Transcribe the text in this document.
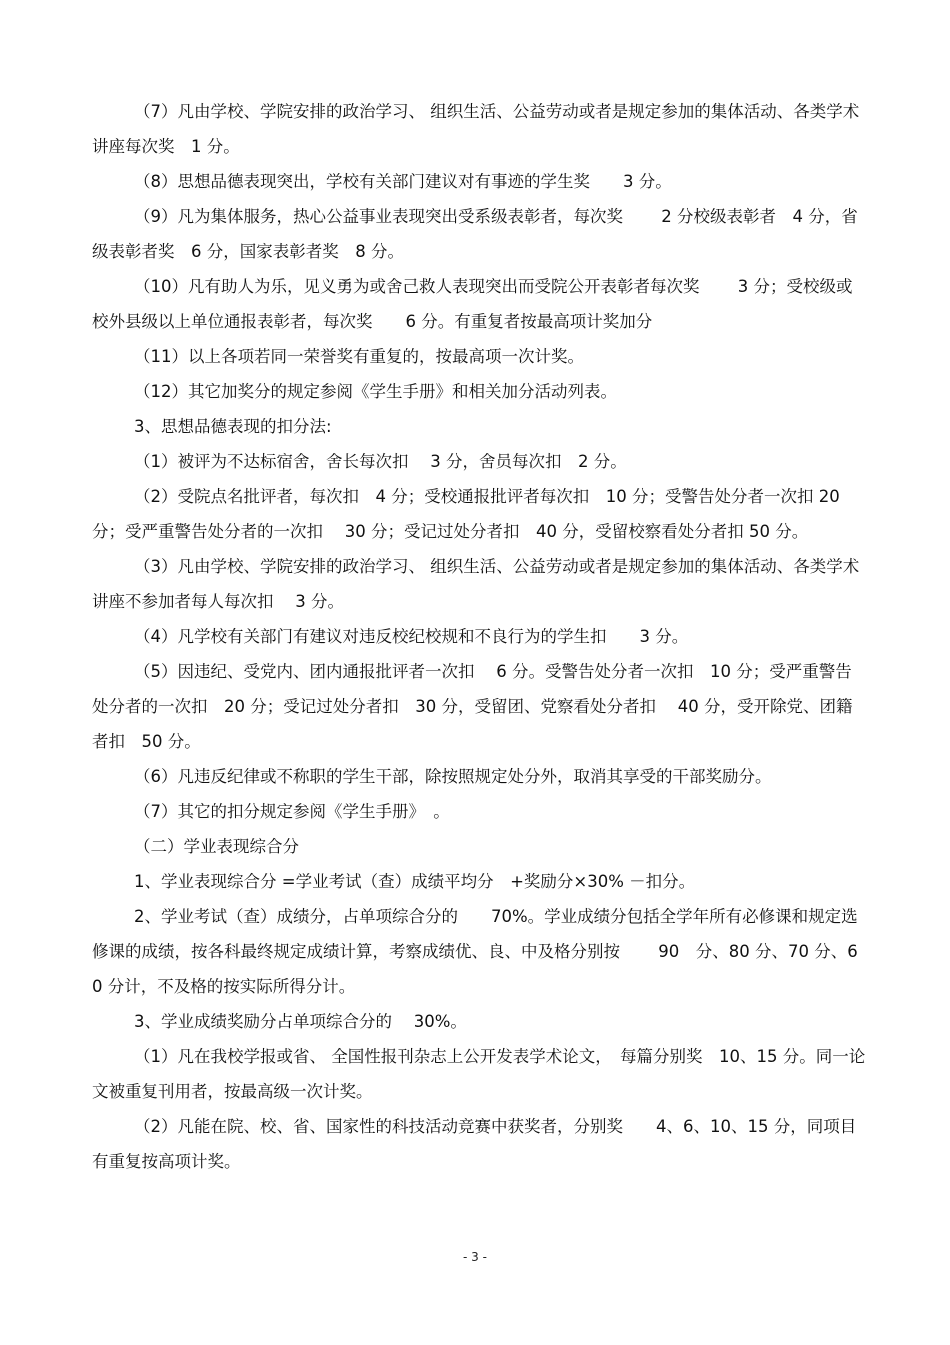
（7）凡由学校、学院安排的政治学习、 组织生活、公益劳动或者是规定参加的集体活动、各类学术讲座每次奖　1 分。

（8）思想品德表现突出，学校有关部门建议对有事迹的学生奖　　3 分。

（9）凡为集体服务，热心公益事业表现突出受系级表彰者，每次奖　　 2 分校级表彰者　4 分，省级表彰者奖　6 分，国家表彰者奖　8 分。

（10）凡有助人为乐，见义勇为或舍己救人表现突出而受院公开表彰者每次奖　　 3 分；受校级或校外县级以上单位通报表彰者，每次奖　　6 分。有重复者按最高项计奖加分

（11）以上各项若同一荣誉奖有重复的，按最高项一次计奖。

（12）其它加奖分的规定参阅《学生手册》和相关加分活动列表。

3、思想品德表现的扣分法:

（1）被评为不达标宿舍，舍长每次扣　 3 分，舍员每次扣　2 分。

（2）受院点名批评者，每次扣　4 分；受校通报批评者每次扣　10 分；受警告处分者一次扣 20 分；受严重警告处分者的一次扣　 30 分；受记过处分者扣　40 分，受留校察看处分者扣 50 分。

（3）凡由学校、学院安排的政治学习、 组织生活、公益劳动或者是规定参加的集体活动、各类学术讲座不参加者每人每次扣　 3 分。

（4）凡学校有关部门有建议对违反校纪校规和不良行为的学生扣　　3 分。

（5）因违纪、受党内、团内通报批评者一次扣　 6 分。受警告处分者一次扣　10 分；受严重警告处分者的一次扣　20 分；受记过处分者扣　30 分，受留团、党察看处分者扣　 40 分，受开除党、团籍者扣　50 分。

（6）凡违反纪律或不称职的学生干部，除按照规定处分外，取消其享受的干部奖励分。

（7）其它的扣分规定参阅《学生手册》　。

（二）学业表现综合分

1、学业表现综合分 =学业考试（查）成绩平均分　+奖励分×30% －扣分。

2、学业考试（查）成绩分，占单项综合分的　　70%。学业成绩分包括全学年所有必修课和规定选修课的成绩，按各科最终规定成绩计算，考察成绩优、良、中及格分别按　　 90　分、80 分、70 分、60 分计，不及格的按实际所得分计。

3、学业成绩奖励分占单项综合分的　 30%。

（1）凡在我校学报或省、 全国性报刊杂志上公开发表学术论文，　每篇分别奖　10、15 分。同一论文被重复刊用者，按最高级一次计奖。

（2）凡能在院、校、省、国家性的科技活动竞赛中获奖者，分别奖　　4、6、10、15 分，同项目有重复按高项计奖。

- 3 -
